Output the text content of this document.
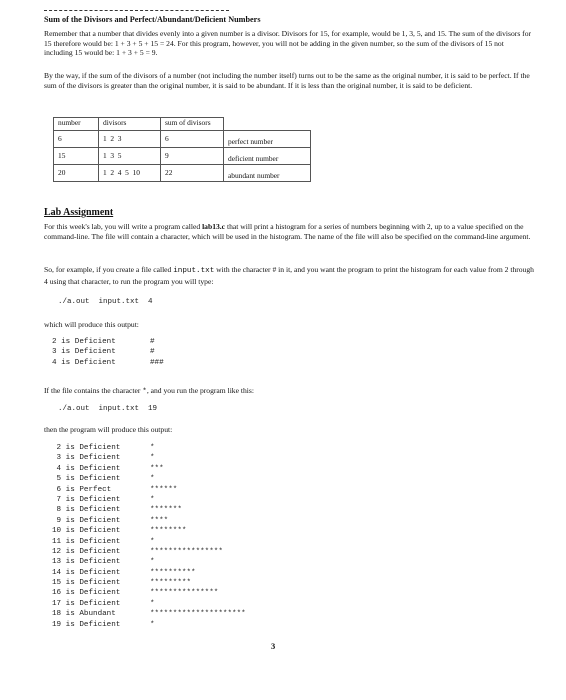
Sum of the Divisors and Perfect/Abundant/Deficient Numbers
Remember that a number that divides evenly into a given number is a divisor. Divisors for 15, for example, would be 1, 3, 5, and 15. The sum of the divisors for 15 therefore would be: 1 + 3 + 5 + 15 = 24. For this program, however, you will not be adding in the given number, so the sum of the divisors of 15 not including 15 would be: 1 + 3 + 5 = 9.
By the way, if the sum of the divisors of a number (not including the number itself) turns out to be the same as the original number, it is said to be perfect. If the sum of the divisors is greater than the original number, it is said to be abundant. If it is less than the original number, it is said to be deficient.
number	divisors	sum of divisors	
6	1  2  3	6	perfect number
15	1  3  5	9	deficient number
20	1  2  4  5  10	22	abundant number
Lab Assignment
For this week's lab, you will write a program called lab13.c that will print a histogram for a series of numbers beginning with 2, up to a value specified on the command-line. The file will contain a character, which will be used in the histogram. The name of the file will also be specified on the command-line argument.
So, for example, if you create a file called input.txt with the character # in it, and you want the program to print the histogram for each value from 2 through 4 using that character, to run the program you will type:
./a.out  input.txt  4
which will produce this output:
2 is Deficient	#
3 is Deficient	#
4 is Deficient	###
If the file contains the character *, and you run the program like this:
./a.out  input.txt  19
then the program will produce this output:
2 is Deficient	*
3 is Deficient	*
4 is Deficient	***
5 is Deficient	*
6 is Perfect	******
7 is Deficient	*
8 is Deficient	*******
9 is Deficient	****
10 is Deficient	********
11 is Deficient	*
12 is Deficient	****************
13 is Deficient	*
14 is Deficient	**********
15 is Deficient	*********
16 is Deficient	***************
17 is Deficient	*
18 is Abundant	*********************
19 is Deficient	*
3
